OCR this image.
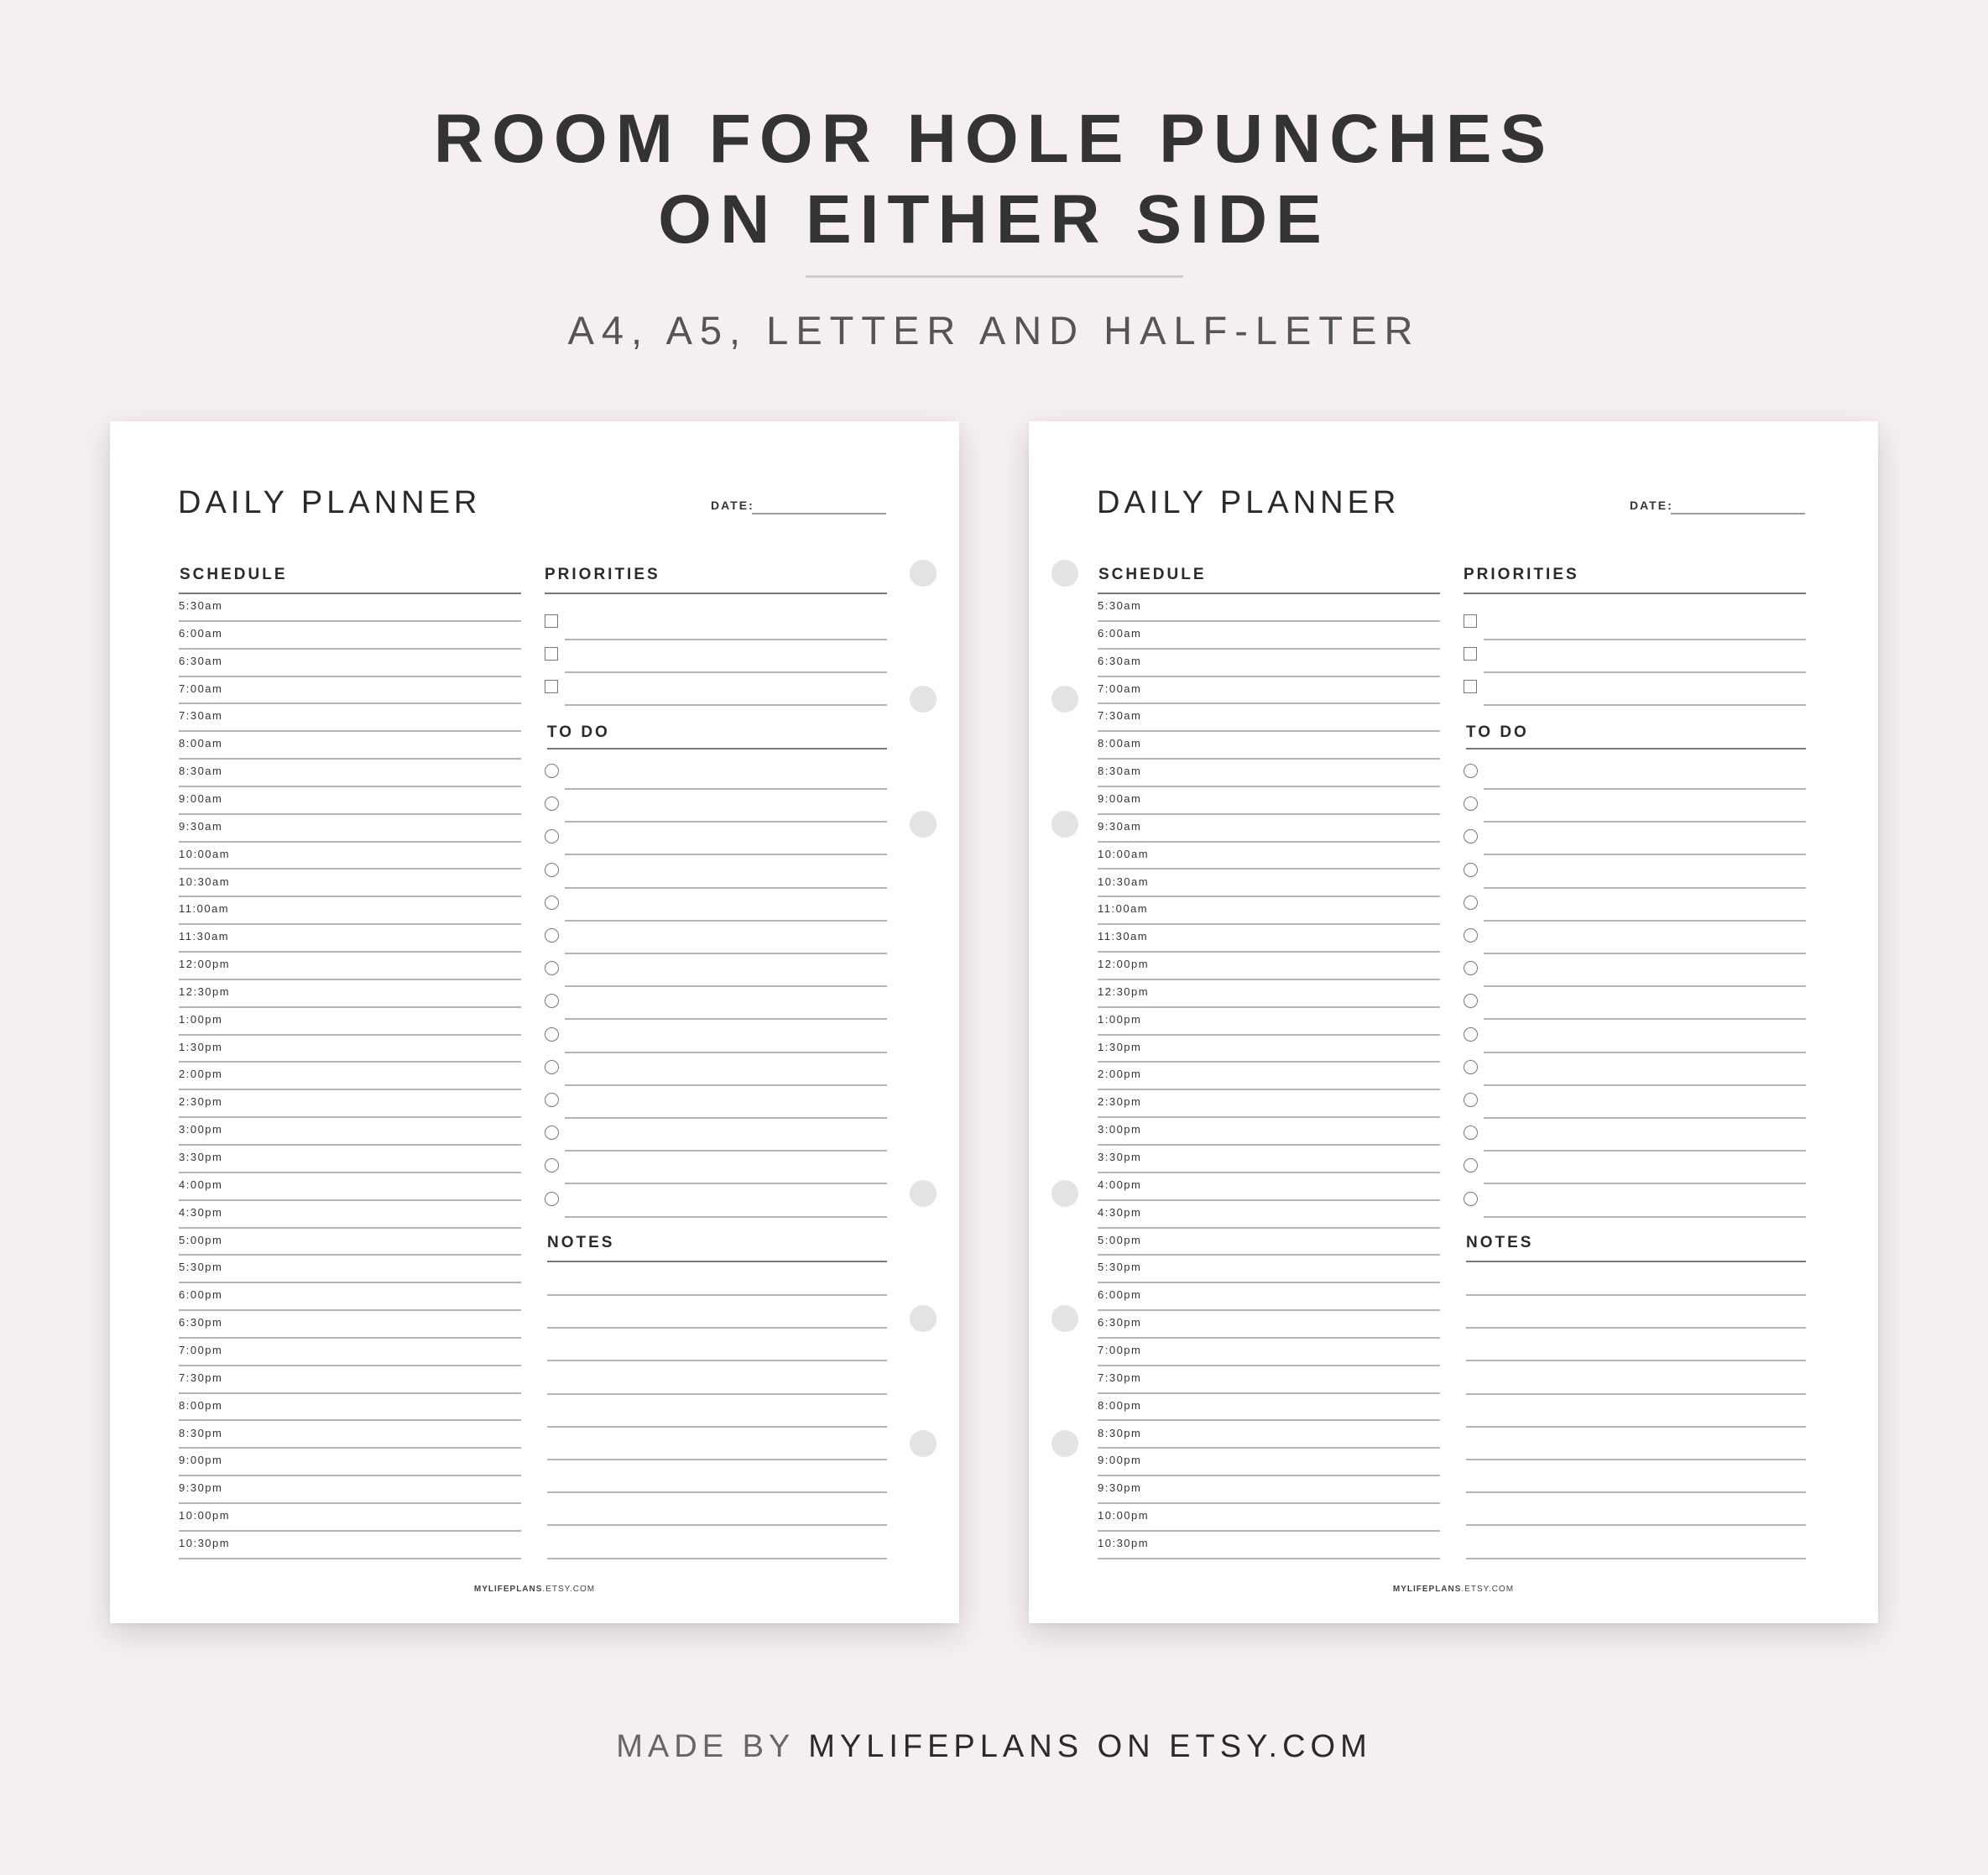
ROOM FOR HOLE PUNCHES
ON EITHER SIDE
A4, A5, LETTER AND HALF-LETER
DAILY PLANNER	DATE:
SCHEDULE
5:30am
6:00am
6:30am
7:00am
7:30am
8:00am
8:30am
9:00am
9:30am
10:00am
10:30am
11:00am
11:30am
12:00pm
12:30pm
1:00pm
1:30pm
2:00pm
2:30pm
3:00pm
3:30pm
4:00pm
4:30pm
5:00pm
5:30pm
6:00pm
6:30pm
7:00pm
7:30pm
8:00pm
8:30pm
9:00pm
9:30pm
10:00pm
10:30pm
PRIORITIES
TO DO
NOTES
MYLIFEPLANS.ETSY.COM
DAILY PLANNER	DATE:
SCHEDULE
5:30am
6:00am
6:30am
7:00am
7:30am
8:00am
8:30am
9:00am
9:30am
10:00am
10:30am
11:00am
11:30am
12:00pm
12:30pm
1:00pm
1:30pm
2:00pm
2:30pm
3:00pm
3:30pm
4:00pm
4:30pm
5:00pm
5:30pm
6:00pm
6:30pm
7:00pm
7:30pm
8:00pm
8:30pm
9:00pm
9:30pm
10:00pm
10:30pm
PRIORITIES
TO DO
NOTES
MYLIFEPLANS.ETSY.COM
MADE BY MYLIFEPLANS ON ETSY.COM
